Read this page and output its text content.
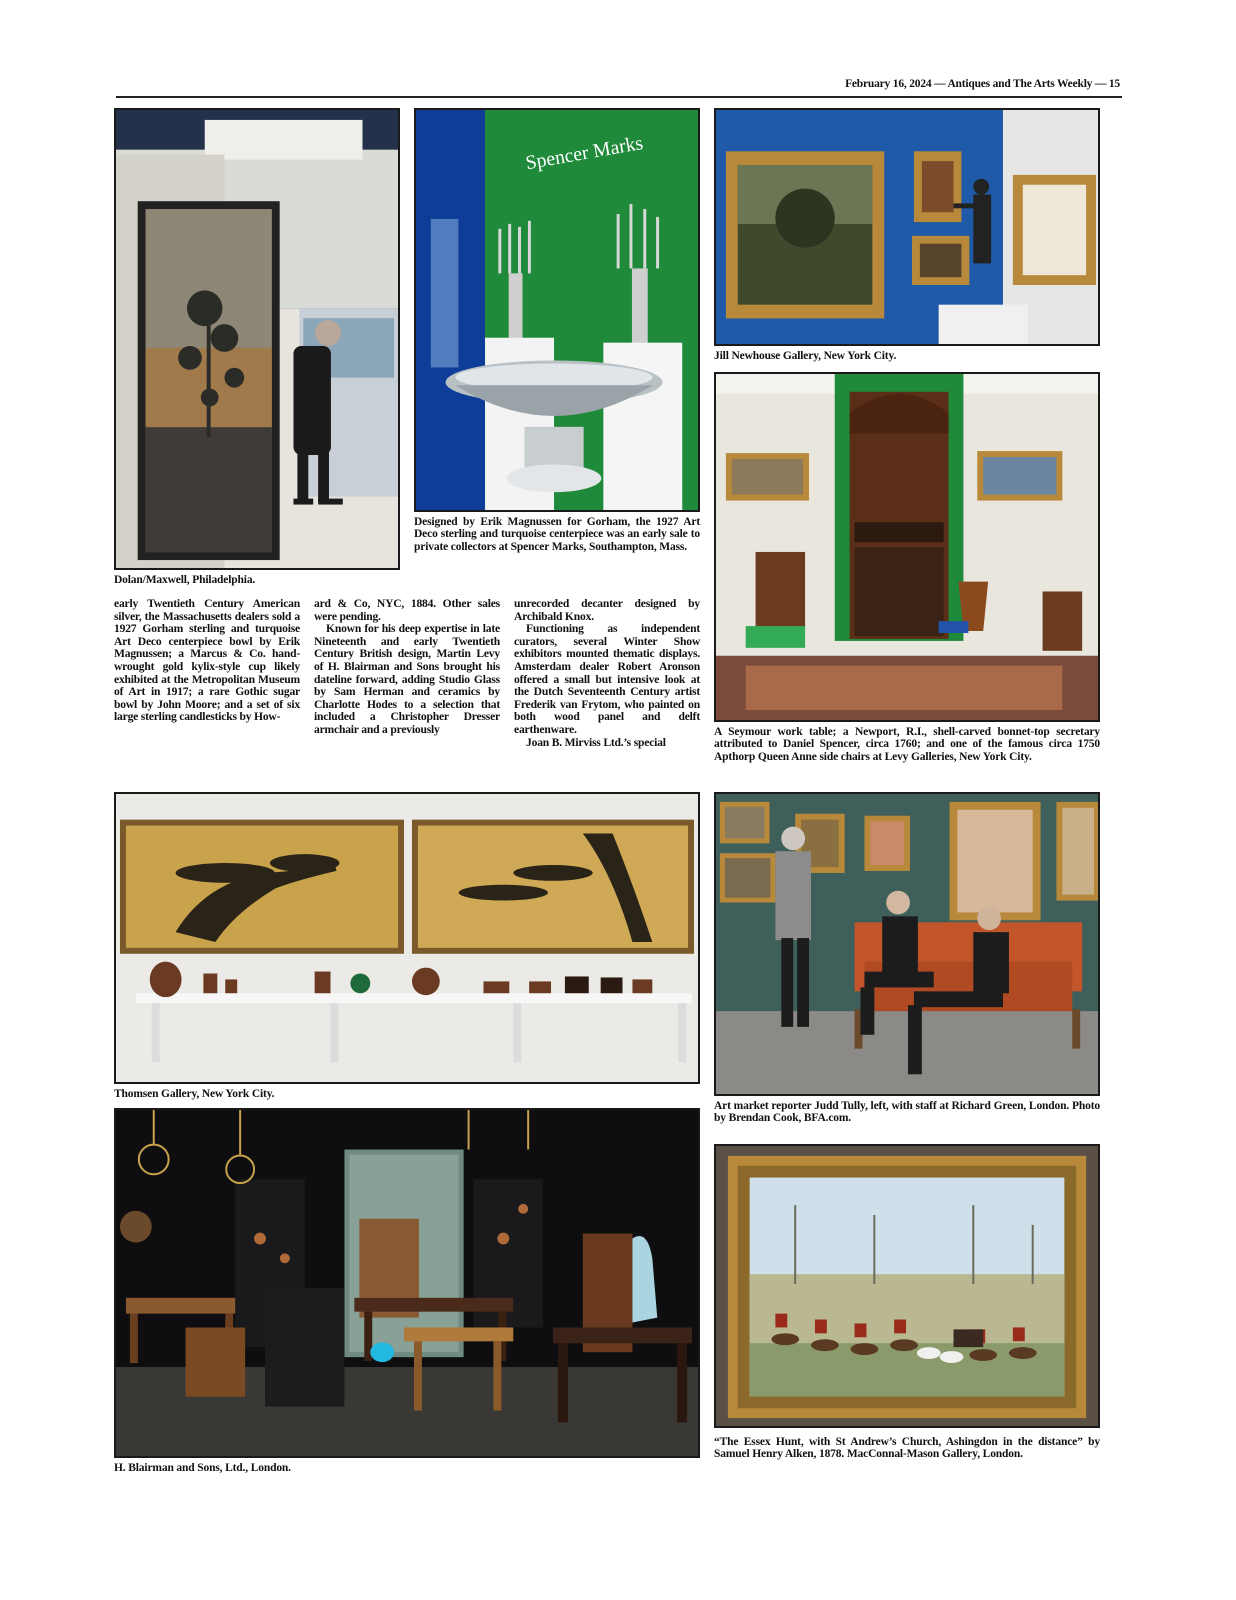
February 16, 2024 — Antiques and The Arts Weekly — 15
Dolan/Maxwell, Philadelphia.
Spencer Marks
Designed by Erik Magnussen for Gorham, the 1927 Art Deco sterling and turquoise centerpiece was an early sale to private collectors at Spencer Marks, Southampton, Mass.
Jill Newhouse Gallery, New York City.
A Seymour work table; a Newport, R.I., shell-carved bonnet-top secretary attributed to Daniel Spencer, circa 1760; and one of the famous circa 1750 Apthorp Queen Anne side chairs at Levy Galleries, New York City.

early Twentieth Century American silver, the Massachusetts dealers sold a 1927 Gorham sterling and turquoise Art Deco centerpiece bowl by Erik Magnussen; a Marcus & Co. hand-wrought gold kylix-style cup likely exhibited at the Metropolitan Museum of Art in 1917; a rare Gothic sugar bowl by John Moore; and a set of six large sterling candlesticks by How-

ard & Co, NYC, 1884. Other sales were pending.

Known for his deep expertise in late Nineteenth and early Twentieth Century British design, Martin Levy of H. Blairman and Sons brought his dateline forward, adding Studio Glass by Sam Herman and ceramics by Charlotte Hodes to a selection that included a Christopher Dresser armchair and a previously

unrecorded decanter designed by Archibald Knox.

Functioning as independent curators, several Winter Show exhibitors mounted thematic displays. Amsterdam dealer Robert Aronson offered a small but intensive look at the Dutch Seventeenth Century artist Frederik van Frytom, who painted on both wood panel and delft earthenware.

Joan B. Mirviss Ltd.’s special

Thomsen Gallery, New York City.
Art market reporter Judd Tully, left, with staff at Richard Green, London. Photo by Brendan Cook, BFA.com.
H. Blairman and Sons, Ltd., London.
“The Essex Hunt, with St Andrew’s Church, Ashingdon in the distance” by Samuel Henry Alken, 1878. MacConnal-Mason Gallery, London.
